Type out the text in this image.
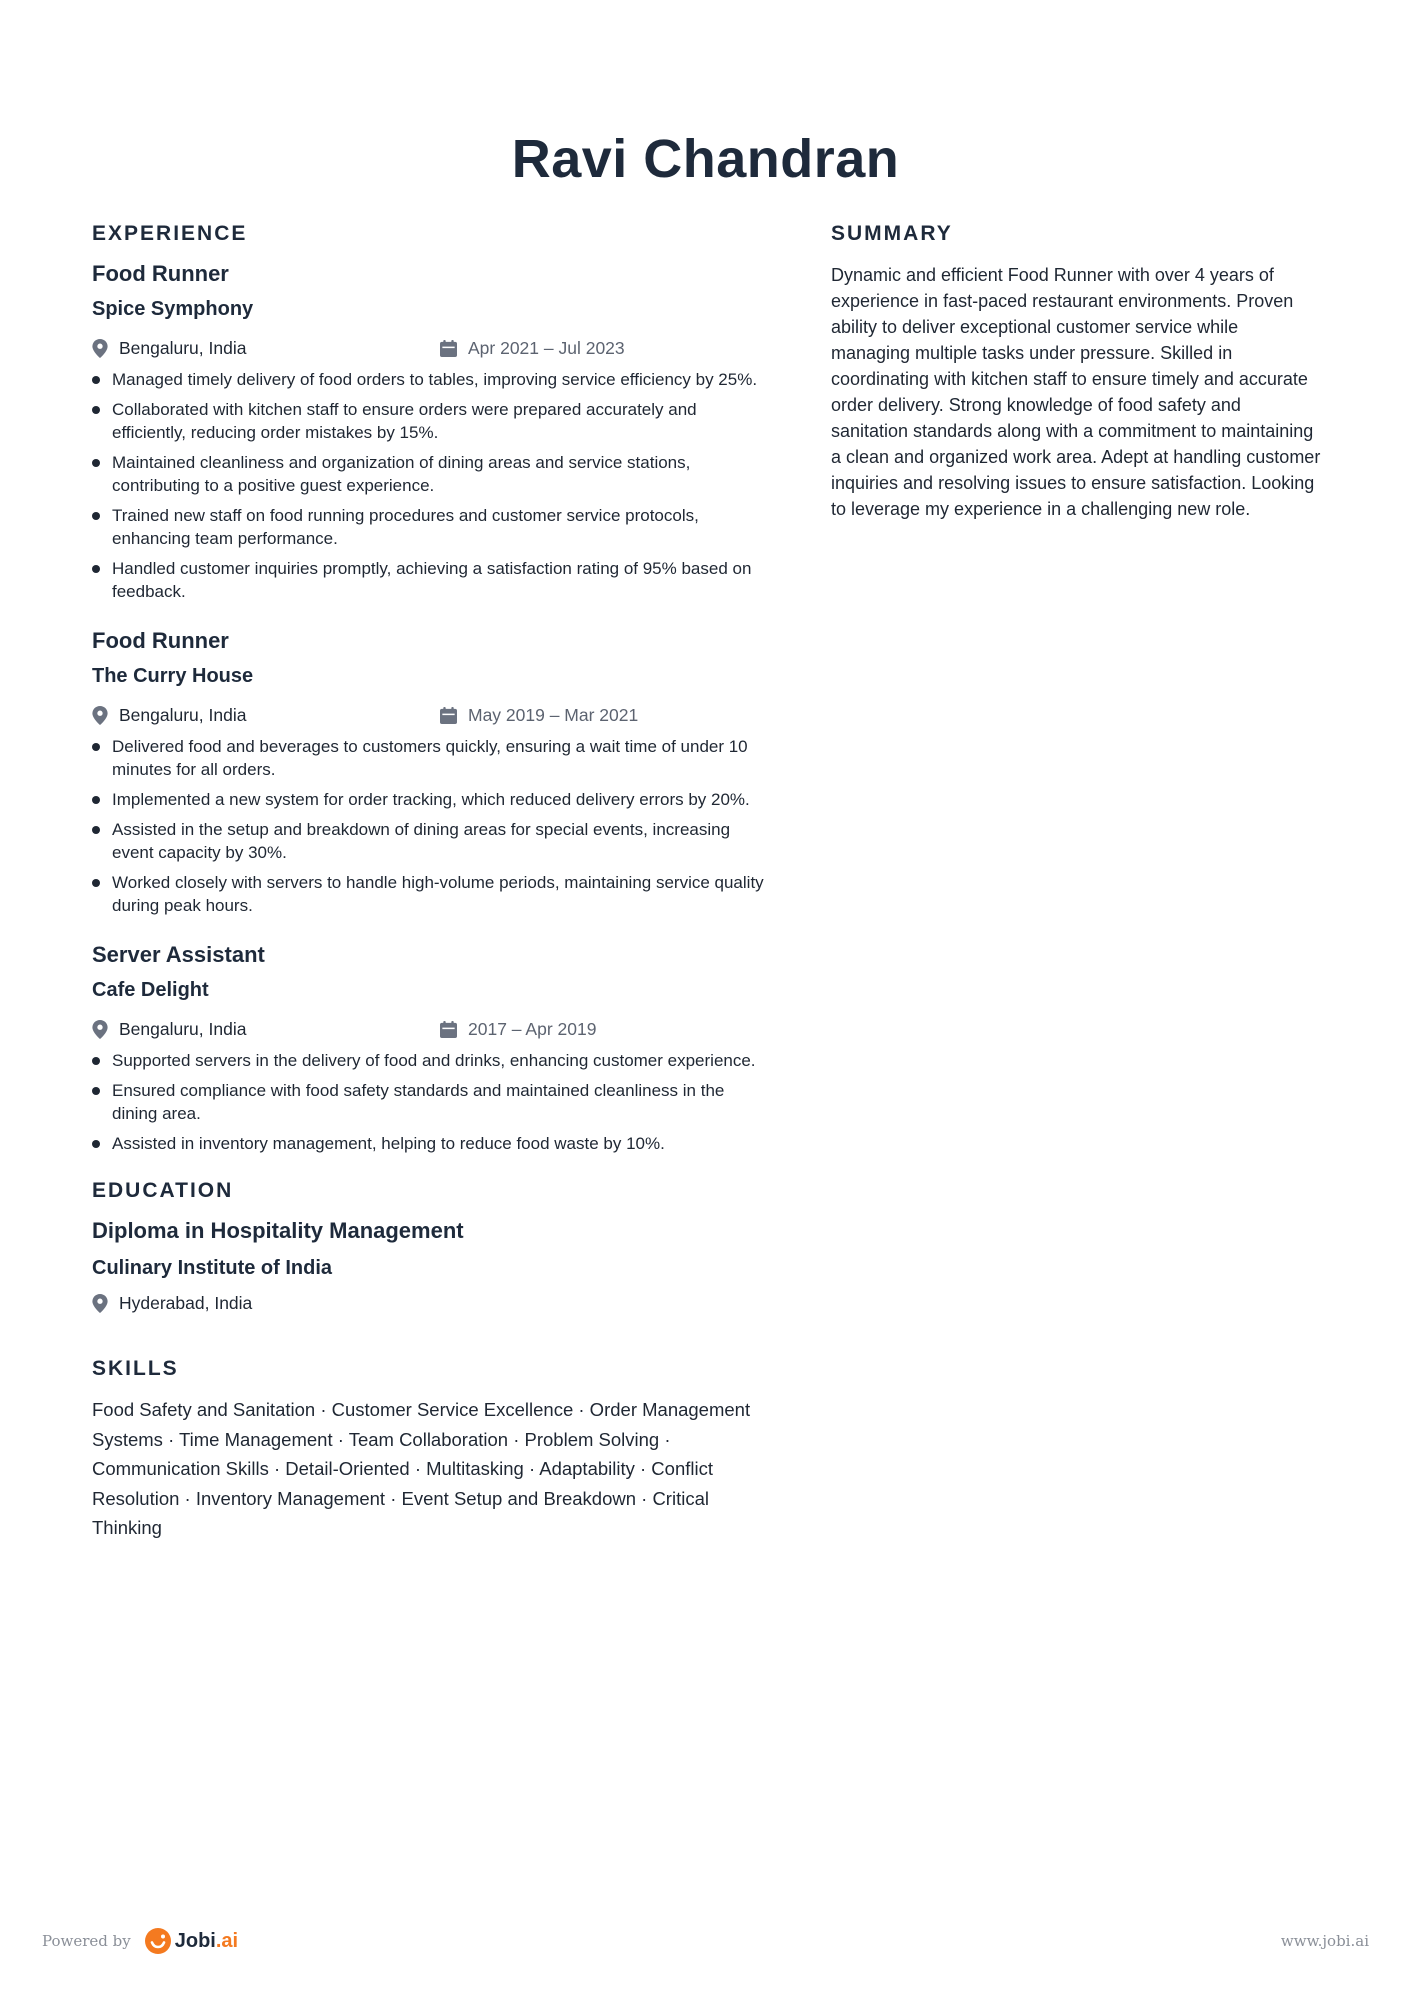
Ravi Chandran
EXPERIENCE
Food Runner
Spice Symphony
Bengaluru, India	Apr 2021 – Jul 2023
Managed timely delivery of food orders to tables, improving service efficiency by 25%.
Collaborated with kitchen staff to ensure orders were prepared accurately and efficiently, reducing order mistakes by 15%.
Maintained cleanliness and organization of dining areas and service stations, contributing to a positive guest experience.
Trained new staff on food running procedures and customer service protocols, enhancing team performance.
Handled customer inquiries promptly, achieving a satisfaction rating of 95% based on feedback.
Food Runner
The Curry House
Bengaluru, India	May 2019 – Mar 2021
Delivered food and beverages to customers quickly, ensuring a wait time of under 10 minutes for all orders.
Implemented a new system for order tracking, which reduced delivery errors by 20%.
Assisted in the setup and breakdown of dining areas for special events, increasing event capacity by 30%.
Worked closely with servers to handle high-volume periods, maintaining service quality during peak hours.
Server Assistant
Cafe Delight
Bengaluru, India	2017 – Apr 2019
Supported servers in the delivery of food and drinks, enhancing customer experience.
Ensured compliance with food safety standards and maintained cleanliness in the dining area.
Assisted in inventory management, helping to reduce food waste by 10%.
EDUCATION
Diploma in Hospitality Management
Culinary Institute of India
Hyderabad, India
SKILLS

Food Safety and Sanitation · Customer Service Excellence · Order Management Systems · Time Management · Team Collaboration · Problem Solving · Communication Skills · Detail-Oriented · Multitasking · Adaptability · Conflict Resolution · Inventory Management · Event Setup and Breakdown · Critical Thinking

SUMMARY

Dynamic and efficient Food Runner with over 4 years of experience in fast-paced restaurant environments. Proven ability to deliver exceptional customer service while managing multiple tasks under pressure. Skilled in coordinating with kitchen staff to ensure timely and accurate order delivery. Strong knowledge of food safety and sanitation standards along with a commitment to maintaining a clean and organized work area. Adept at handling customer inquiries and resolving issues to ensure satisfaction. Looking to leverage my experience in a challenging new role.

Powered by Jobi .ai	www.jobi.ai
